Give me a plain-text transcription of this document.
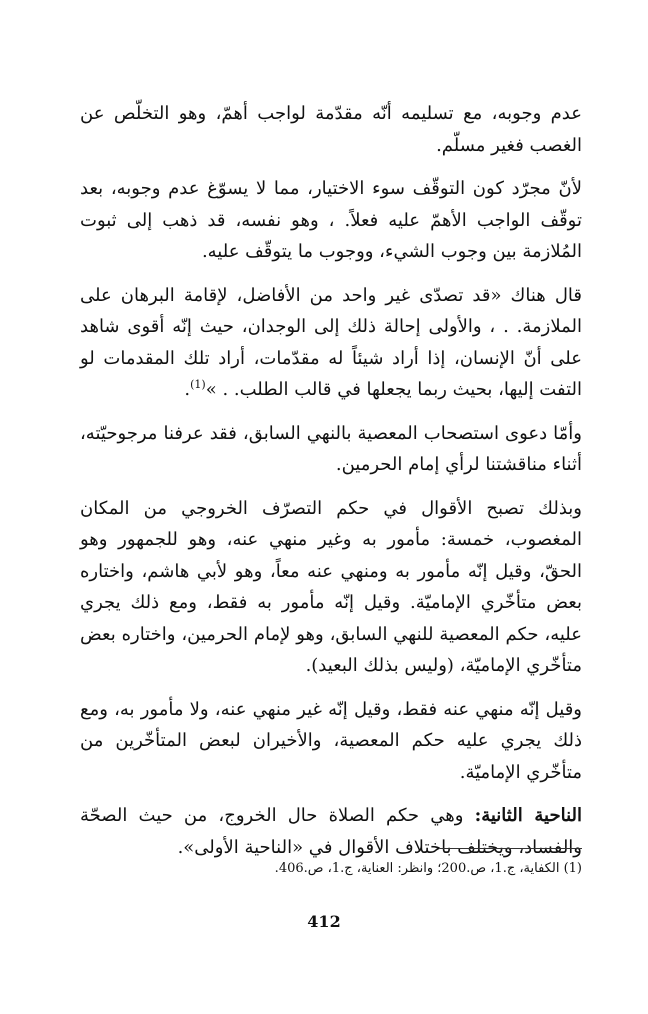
عدم وجوبه، مع تسليمه أنّه مقدّمة لواجب أهمّ، وهو التخلّص عن الغصب فغير مسلّم.

لأنّ مجرّد كون التوقّف سوء الاختيار، مما لا يسوّغ عدم وجوبه، بعد توقّف الواجب الأهمّ عليه فعلاً. ، وهو نفسه، قد ذهب إلى ثبوت المُلازمة بين وجوب الشيء، ووجوب ما يتوقّف عليه.

قال هناك «قد تصدّى غير واحد من الأفاضل، لإقامة البرهان على الملازمة. . ، والأولى إحالة ذلك إلى الوجدان، حيث إنّه أقوى شاهد على أنّ الإنسان، إذا أراد شيئاً له مقدّمات، أراد تلك المقدمات لو التفت إليها، بحيث ربما يجعلها في قالب الطلب. . »$^{(1)}$.

وأمّا دعوى استصحاب المعصية بالنهي السابق، فقد عرفنا مرجوحيّته، أثناء مناقشتنا لرأي إمام الحرمين.

وبذلك تصبح الأقوال في حكم التصرّف الخروجي من المكان المغصوب، خمسة: مأمور به وغير منهي عنه، وهو للجمهور وهو الحقّ، وقيل إنّه مأمور به ومنهي عنه معاً، وهو لأبي هاشم، واختاره بعض متأخّري الإماميّة. وقيل إنّه مأمور به فقط، ومع ذلك يجري عليه، حكم المعصية للنهي السابق، وهو لإمام الحرمين، واختاره بعض متأخّري الإماميّة، (وليس بذلك البعيد).

وقيل إنّه منهي عنه فقط، وقيل إنّه غير منهي عنه، ولا مأمور به، ومع ذلك يجري عليه حكم المعصية، والأخيران لبعض المتأخّرين من متأخّري الإماميّة.

الناحية الثانية: وهي حكم الصلاة حال الخروج، من حيث الصحّة والفساد، ويختلف باختلاف الأقوال في «الناحية الأولى».

(1) الكفاية، ج.1، ص.200؛ وانظر: العناية، ج.1، ص.406.
412
